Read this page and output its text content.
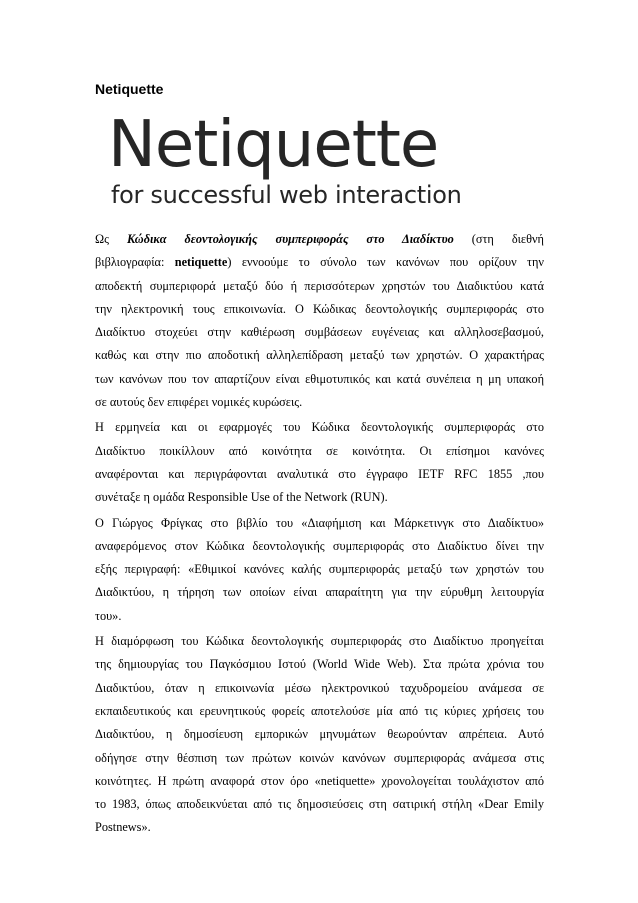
Netiquette
Netiquette
for successful web interaction
Ως Κώδικα δεοντολογικής συμπεριφοράς στο Διαδίκτυο (στη διεθνή
βιβλιογραφία: netiquette) εννοούμε το σύνολο των κανόνων που ορίζουν την
αποδεκτή συμπεριφορά μεταξύ δύο ή περισσότερων χρηστών του Διαδικτύου κατά
την ηλεκτρονική τους επικοινωνία. Ο Κώδικας δεοντολογικής συμπεριφοράς στο
Διαδίκτυο στοχεύει στην καθιέρωση συμβάσεων ευγένειας και αλληλοσεβασμού,
καθώς και στην πιο αποδοτική αλληλεπίδραση μεταξύ των χρηστών. Ο χαρακτήρας
των κανόνων που τον απαρτίζουν είναι εθιμοτυπικός και κατά συνέπεια η μη υπακοή
σε αυτούς δεν επιφέρει νομικές κυρώσεις.
Η ερμηνεία και οι εφαρμογές του Κώδικα δεοντολογικής συμπεριφοράς στο
Διαδίκτυο ποικίλλουν από κοινότητα σε κοινότητα. Οι επίσημοι κανόνες
αναφέρονται και περιγράφονται αναλυτικά στο έγγραφο IETF RFC 1855 ,που
συνέταξε η ομάδα Responsible Use of the Network (RUN).
Ο Γιώργος Φρίγκας στο βιβλίο του «Διαφήμιση και Μάρκετινγκ στο Διαδίκτυο»
αναφερόμενος στον Κώδικα δεοντολογικής συμπεριφοράς στο Διαδίκτυο δίνει την
εξής περιγραφή: «Εθιμικοί κανόνες καλής συμπεριφοράς μεταξύ των χρηστών του
Διαδικτύου, η τήρηση των οποίων είναι απαραίτητη για την εύρυθμη λειτουργία
του».
Η διαμόρφωση του Κώδικα δεοντολογικής συμπεριφοράς στο Διαδίκτυο προηγείται
της δημιουργίας του Παγκόσμιου Ιστού (World Wide Web). Στα πρώτα χρόνια του
Διαδικτύου, όταν η επικοινωνία μέσω ηλεκτρονικού ταχυδρομείου ανάμεσα σε
εκπαιδευτικούς και ερευνητικούς φορείς αποτελούσε μία από τις κύριες χρήσεις του
Διαδικτύου, η δημοσίευση εμπορικών μηνυμάτων θεωρούνταν απρέπεια. Αυτό
οδήγησε στην θέσπιση των πρώτων κοινών κανόνων συμπεριφοράς ανάμεσα στις
κοινότητες. Η πρώτη αναφορά στον όρο «netiquette» χρονολογείται τουλάχιστον από
το 1983, όπως αποδεικνύεται από τις δημοσιεύσεις στη σατιρική στήλη «Dear Emily
Postnews».
